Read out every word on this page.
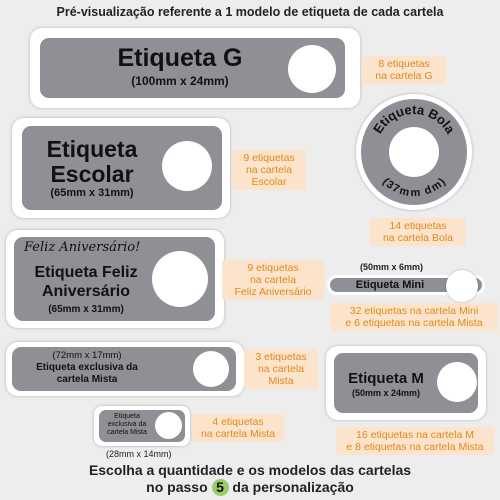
Pré-visualização referente a 1 modelo de etiqueta de cada cartela
Etiqueta G
(100mm x 24mm)
8 etiquetas
na cartela G
Etiqueta
Escolar
(65mm x 31mm)
9 etiquetas
na cartela
Escolar
Etiqueta Bola
(37mm dm)
14 etiquetas
na cartela Bola
Feliz Aniversário!
Etiqueta Feliz
Aniversário
(65mm x 31mm)
9 etiquetas
na cartela
Feliz Aniversário
(50mm x 6mm)
Etiqueta Mini
32 etiquetas na cartela Mini
e 6 etiquetas na cartela Mista
(72mm x 17mm)
Etiqueta exclusiva da
cartela Mista
3 etiquetas
na cartela
Mista	Etiqueta M
(50mm x 24mm)
16 etiquetas na cartela M
e 8 etiquetas na cartela Mista
Etiqueta
exclusiva da
cartela Mista
(28mm x 14mm)
4 etiquetas
na cartela Mista
Escolha a quantidade e os modelos das cartelas
no passo 5 da personalização
